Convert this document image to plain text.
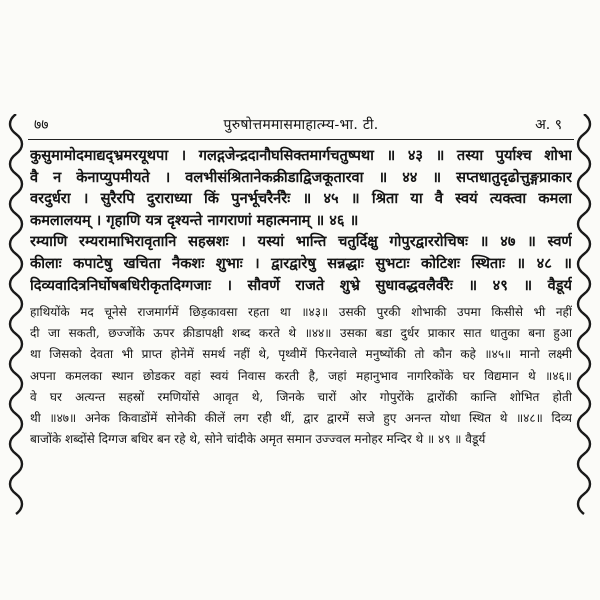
७७	पुरुषोत्तममासमाहात्म्य-भा. टी.	अ. ९
कुसुमामोदमाद्यद्भ्रमरयूथपा । गलद्गजेन्द्रदानौघसिक्तमार्गचतुष्पथा ॥ ४३ ॥ तस्या पुर्याश्च शोभा
वै न केनाप्युपमीयते । वलभीसंश्रितानेकक्रीडाद्विजकूतारवा ॥ ४४ ॥ सप्तधातुदृढोत्तुङ्गप्राकार
वरदुर्धरा । सुरैरपि दुराराध्या किं पुनर्भूचरैर्नरैः ॥ ४५ ॥ श्रिता या वै स्वयं त्यक्त्वा कमला
कमलालयम् । गृहाणि यत्र दृश्यन्ते नागराणां महात्मनाम् ॥ ४६ ॥
रम्याणि रम्यरामाभिरावृतानि सहस्रशः । यस्यां भान्ति चतुर्दिक्षु गोपुरद्वाररोचिषः ॥ ४७ ॥ स्वर्ण
कीलाः कपाटेषु खचिता नैकशः शुभाः । द्वारद्वारेषु सन्नद्धाः सुभटाः कोटिशः स्थिताः ॥ ४८ ॥
दिव्यवादित्रनिर्घोषबधिरीकृतदिग्गजाः । सौवर्णे राजते शुभ्रे सुधावद्धवलैर्वरैः ॥ ४९ ॥ वैडूर्य
हाथियोंके मद चूनेसे राजमार्गमें छिड़कावसा रहता था ॥४३॥ उसकी पुरकी शोभाकी उपमा किसीसे भी नहीं
दी जा सकती, छज्जोंके ऊपर क्रीडापक्षी शब्द करते थे ॥४४॥ उसका बडा दुर्धर प्राकार सात धातुका बना हुआ
था जिसको देवता भी प्राप्त होनेमें समर्थ नहीं थे, पृथ्वीमें फिरनेवाले मनुष्योंकी तो कौन कहे ॥४५॥ मानो लक्ष्मी
अपना कमलका स्थान छोडकर वहां स्वयं निवास करती है, जहां महानुभाव नागरिकोंके घर विद्यमान थे ॥४६॥
वे घर अत्यन्त सहस्रों रमणियोंसे आवृत थे, जिनके चारों ओर गोपुरोंके द्वारोंकी कान्ति शोभित होती
थी ॥४७॥ अनेक किवाडोंमें सोनेकी कीलें लग रही थीं, द्वार द्वारमें सजे हुए अनन्त योधा स्थित थे ॥४८॥ दिव्य
बाजोंके शब्दोंसे दिग्गज बधिर बन रहे थे, सोने चांदीके अमृत समान उज्ज्वल मनोहर मन्दिर थे ॥ ४९ ॥ वैडूर्य
